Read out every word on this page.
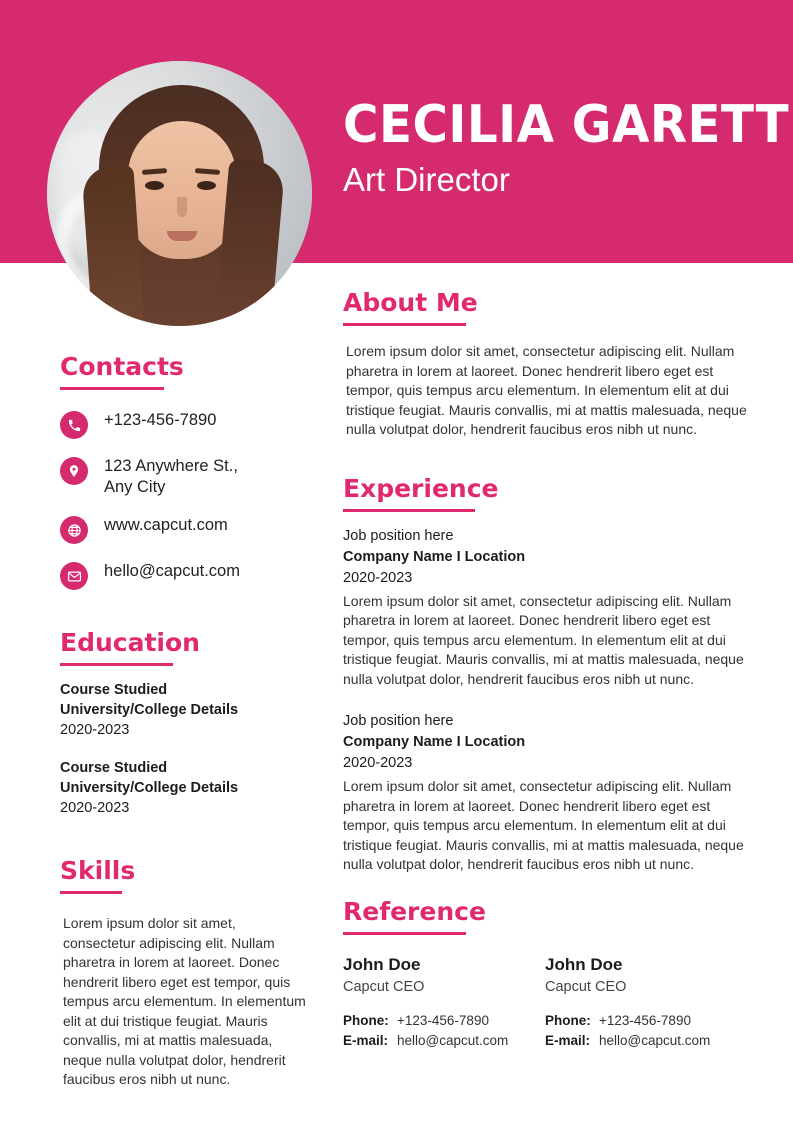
CECILIA GARETT
Art Director
Contacts
+123-456-7890
123 Anywhere St.,
Any City
www.capcut.com
hello@capcut.com
Education
Course Studied
University/College Details
2020-2023
Course Studied
University/College Details
2020-2023
Skills
Lorem ipsum dolor sit amet, consectetur adipiscing elit. Nullam pharetra in lorem at laoreet. Donec hendrerit libero eget est tempor, quis tempus arcu elementum. In elementum elit at dui tristique feugiat. Mauris convallis, mi at mattis malesuada, neque nulla volutpat dolor, hendrerit faucibus eros nibh ut nunc.
About Me
Lorem ipsum dolor sit amet, consectetur adipiscing elit. Nullam pharetra in lorem at laoreet. Donec hendrerit libero eget est tempor, quis tempus arcu elementum. In elementum elit at dui tristique feugiat. Mauris convallis, mi at mattis malesuada, neque nulla volutpat dolor, hendrerit faucibus eros nibh ut nunc.
Experience
Job position here
Company Name I Location
2020-2023
Lorem ipsum dolor sit amet, consectetur adipiscing elit. Nullam pharetra in lorem at laoreet. Donec hendrerit libero eget est tempor, quis tempus arcu elementum. In elementum elit at dui tristique feugiat. Mauris convallis, mi at mattis malesuada, neque nulla volutpat dolor, hendrerit faucibus eros nibh ut nunc.
Job position here
Company Name I Location
2020-2023
Lorem ipsum dolor sit amet, consectetur adipiscing elit. Nullam pharetra in lorem at laoreet. Donec hendrerit libero eget est tempor, quis tempus arcu elementum. In elementum elit at dui tristique feugiat. Mauris convallis, mi at mattis malesuada, neque nulla volutpat dolor, hendrerit faucibus eros nibh ut nunc.
Reference
John Doe
Capcut CEO
Phone: +123-456-7890
E-mail: hello@capcut.com
John Doe
Capcut CEO
Phone: +123-456-7890
E-mail: hello@capcut.com
